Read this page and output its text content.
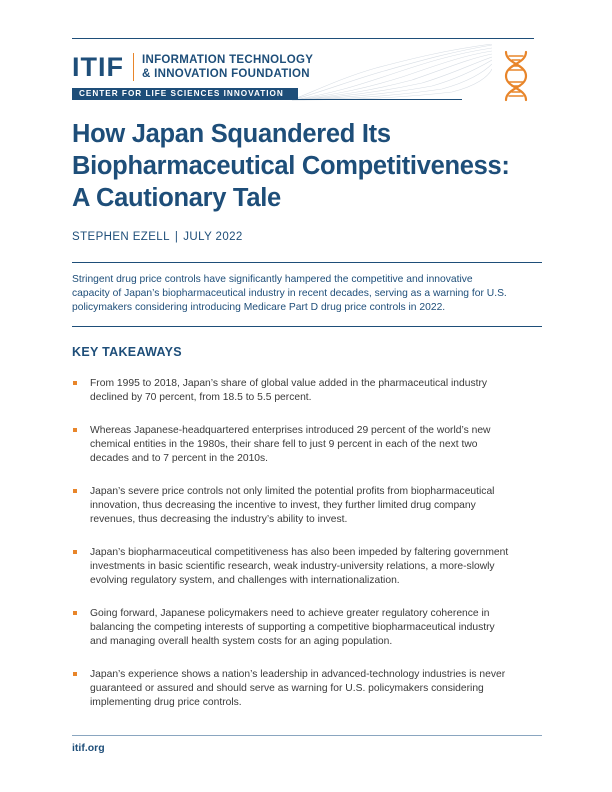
ITIF INFORMATION TECHNOLOGY
& INNOVATION FOUNDATION
CENTER FOR LIFE SCIENCES INNOVATION
How Japan Squandered Its
Biopharmaceutical Competitiveness:
A Cautionary Tale
STEPHEN EZELL | JULY 2022

Stringent drug price controls have significantly hampered the competitive and innovative
capacity of Japan’s biopharmaceutical industry in recent decades, serving as a warning for U.S.
policymakers considering introducing Medicare Part D drug price controls in 2022.

KEY TAKEAWAYS
From 1995 to 2018, Japan’s share of global value added in the pharmaceutical industry
declined by 70 percent, from 18.5 to 5.5 percent.
Whereas Japanese-headquartered enterprises introduced 29 percent of the world’s new
chemical entities in the 1980s, their share fell to just 9 percent in each of the next two
decades and to 7 percent in the 2010s.
Japan’s severe price controls not only limited the potential profits from biopharmaceutical
innovation, thus decreasing the incentive to invest, they further limited drug company
revenues, thus decreasing the industry’s ability to invest.
Japan’s biopharmaceutical competitiveness has also been impeded by faltering government
investments in basic scientific research, weak industry-university relations, a more-slowly
evolving regulatory system, and challenges with internationalization.
Going forward, Japanese policymakers need to achieve greater regulatory coherence in
balancing the competing interests of supporting a competitive biopharmaceutical industry
and managing overall health system costs for an aging population.
Japan’s experience shows a nation’s leadership in advanced-technology industries is never
guaranteed or assured and should serve as warning for U.S. policymakers considering
implementing drug price controls.
itif.org
